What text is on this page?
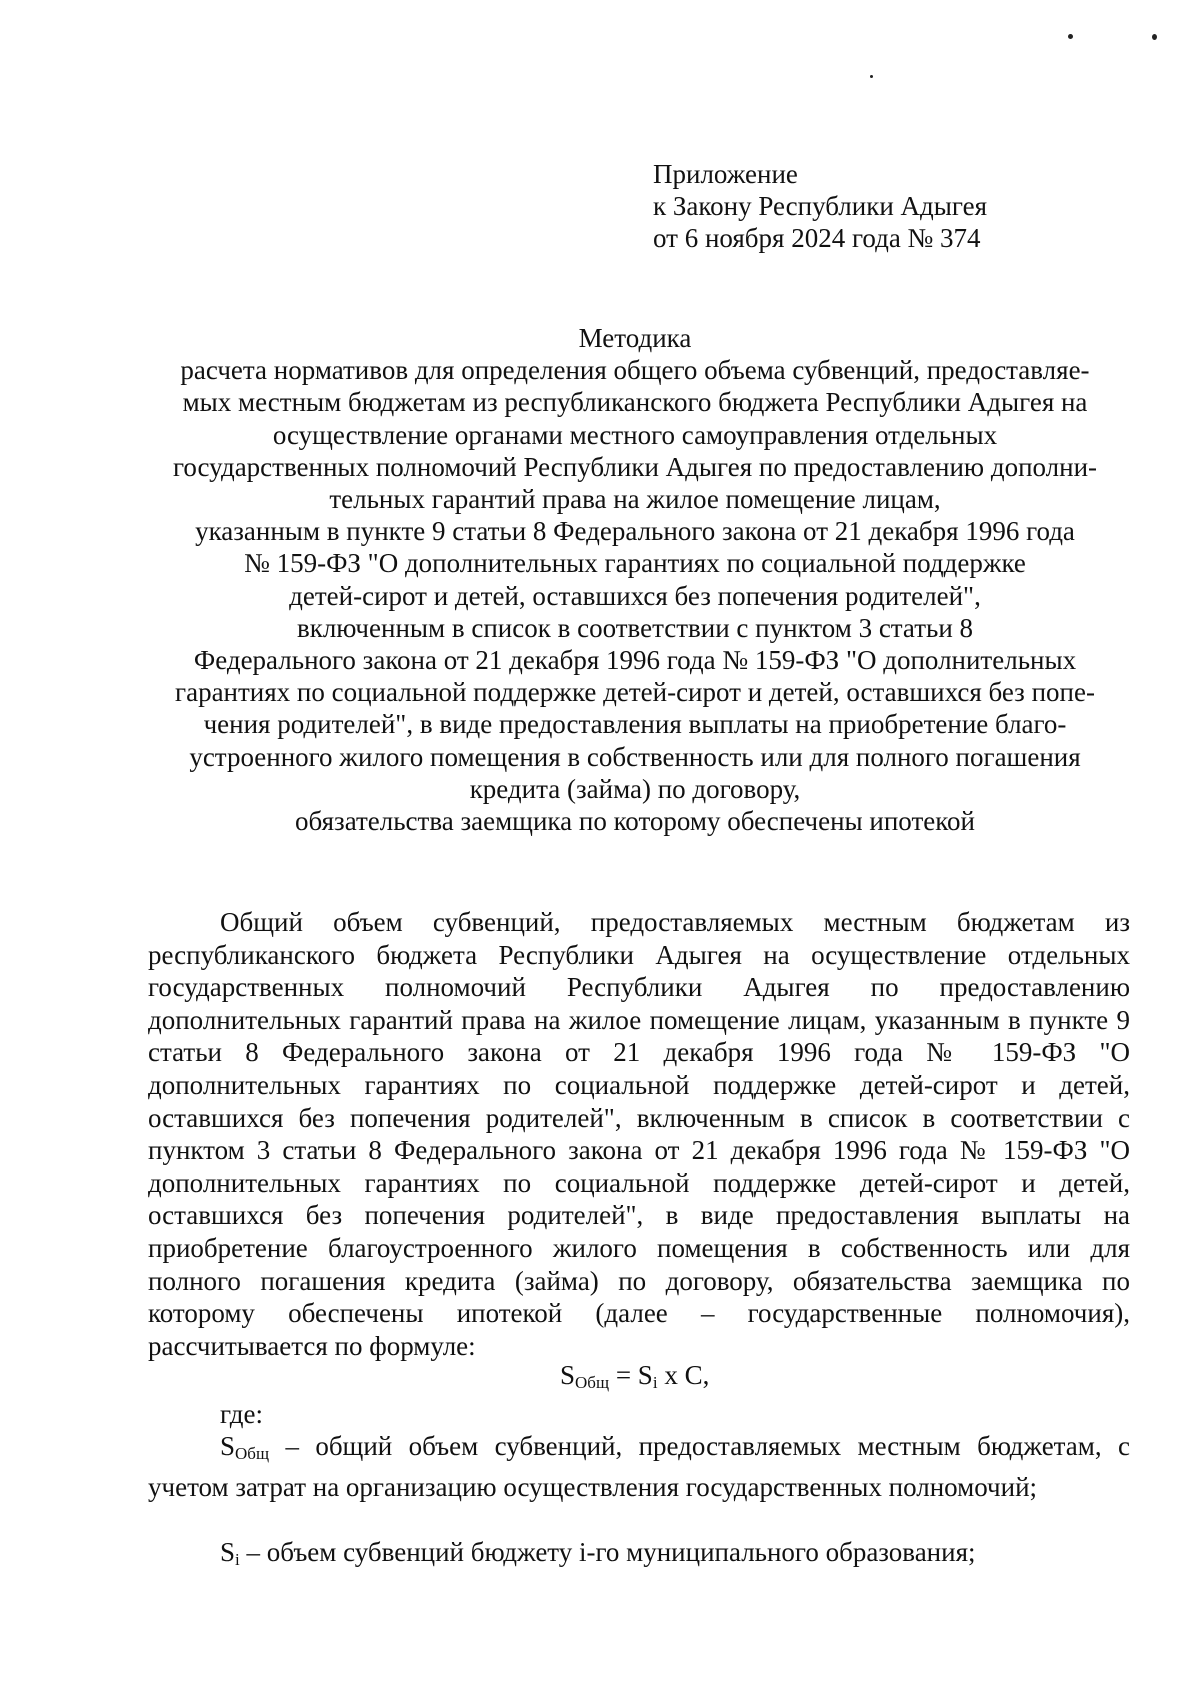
Приложение
к Закону Республики Адыгея
от 6 ноября 2024 года № 374
Методика
расчета нормативов для определения общего объема субвенций, предоставляе-
мых местным бюджетам из республиканского бюджета Республики Адыгея на
осуществление органами местного самоуправления отдельных
государственных полномочий Республики Адыгея по предоставлению дополни-
тельных гарантий права на жилое помещение лицам,
указанным в пункте 9 статьи 8 Федерального закона от 21 декабря 1996 года
№ 159-ФЗ "О дополнительных гарантиях по социальной поддержке
детей-сирот и детей, оставшихся без попечения родителей",
включенным в список в соответствии с пунктом 3 статьи 8
Федерального закона от 21 декабря 1996 года № 159-ФЗ "О дополнительных
гарантиях по социальной поддержке детей-сирот и детей, оставшихся без попе-
чения родителей", в виде предоставления выплаты на приобретение благо-
устроенного жилого помещения в собственность или для полного погашения
кредита (займа) по договору,
обязательства заемщика по которому обеспечены ипотекой

Общий объем субвенций, предоставляемых местным бюджетам из республиканского бюджета Республики Адыгея на осуществление отдельных государственных полномочий Республики Адыгея по предоставлению дополнительных гарантий права на жилое помещение лицам, указанным в пункте 9 статьи 8 Федерального закона от 21 декабря 1996 года № 159-ФЗ "О дополнительных гарантиях по социальной поддержке детей-сирот и детей, оставшихся без попечения родителей", включенным в список в соответствии с пунктом 3 статьи 8 Федерального закона от 21 декабря 1996 года № 159-ФЗ "О дополнительных гарантиях по социальной поддержке детей-сирот и детей, оставшихся без попечения родителей", в виде предоставления выплаты на приобретение благоустроенного жилого помещения в собственность или для полного погашения кредита (займа) по договору, обязательства заемщика по которому обеспечены ипотекой (далее – государственные полномочия), рассчитывается по формуле:

$S_{Общ} = S_i$ х С,
где:

$S_{Общ}$ – общий объем субвенций, предоставляемых местным бюджетам, с учетом затрат на организацию осуществления государственных полномочий;

$S_i$ – объем субвенций бюджету i-го муниципального образования;
